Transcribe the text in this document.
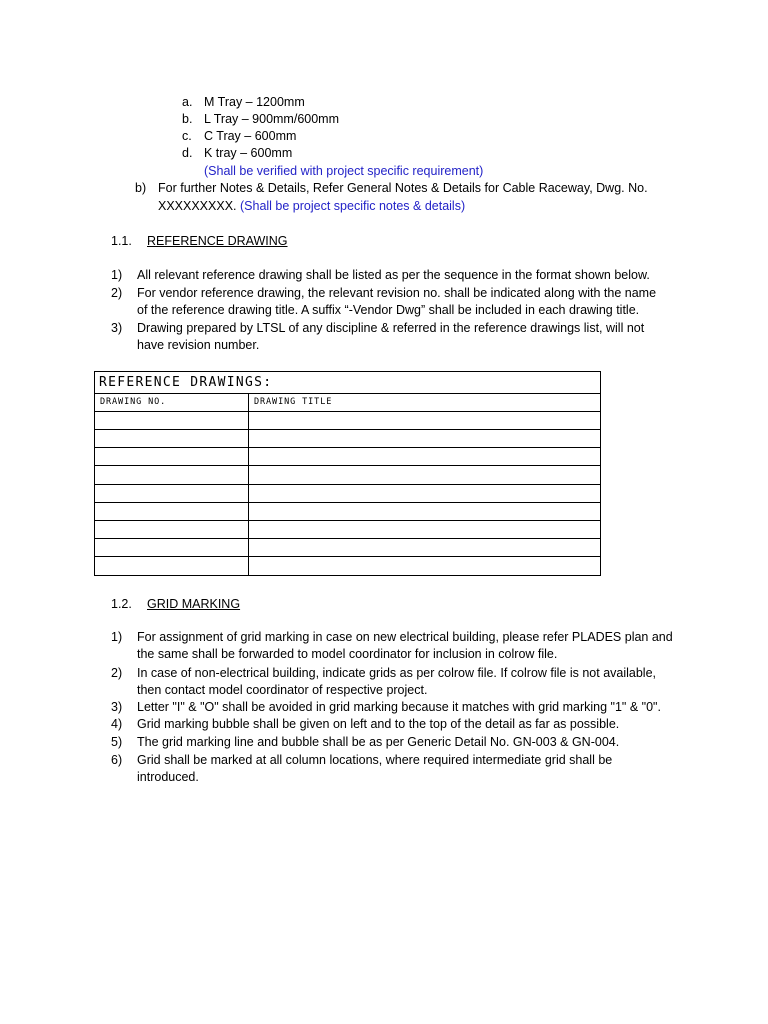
a. M Tray – 1200mm
b. L Tray – 900mm/600mm
c. C Tray – 600mm
d. K tray – 600mm
(Shall be verified with project specific requirement)
b) For further Notes & Details, Refer General Notes & Details for Cable Raceway, Dwg. No.
XXXXXXXXX.
(Shall be project specific notes & details)
1.1. REFERENCE DRAWING
1)	All relevant reference drawing shall be listed as per the sequence in the format shown below.
2)	For vendor reference drawing, the relevant revision no. shall be indicated along with the name
of the reference drawing title. A suffix “-Vendor Dwg” shall be included in each drawing title.
3)	Drawing prepared by LTSL of any discipline & referred in the reference drawings list, will not
have revision number.
REFERENCE DRAWINGS:
DRAWING NO.	DRAWING TITLE
1.2. GRID MARKING
1)	For assignment of grid marking in case on new electrical building, please refer PLADES plan and
the same shall be forwarded to model coordinator for inclusion in colrow file.
2)	In case of non-electrical building, indicate grids as per colrow file. If colrow file is not available,
then contact model coordinator of respective project.
3)	Letter "I" & "O" shall be avoided in grid marking because it matches with grid marking "1" & "0".
4)	Grid marking bubble shall be given on left and to the top of the detail as far as possible.
5)	The grid marking line and bubble shall be as per Generic Detail No. GN-003 & GN-004.
6)	Grid shall be marked at all column locations, where required intermediate grid shall be
introduced.
